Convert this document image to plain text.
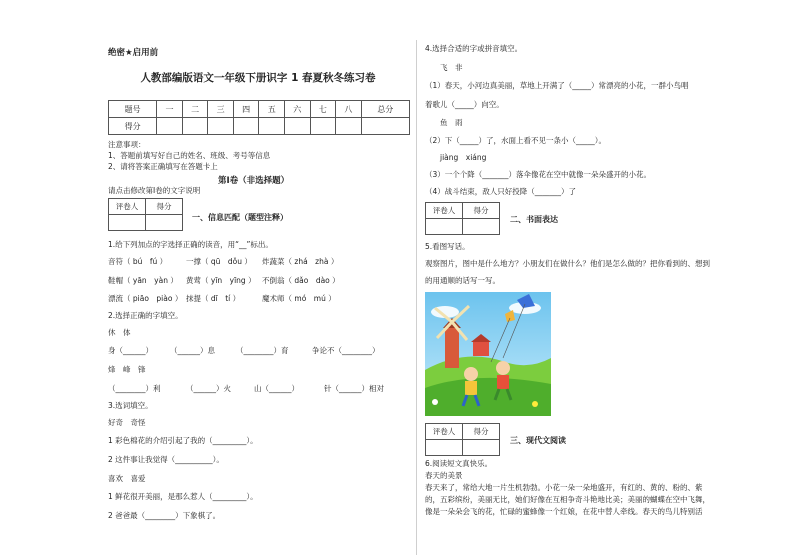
绝密★启用前
人教部编版语文一年级下册识字 1 春夏秋冬练习卷
题号	一	二	三	四	五	六	七	八	总分
得分									
注意事项：
1、答题前填写好自己的姓名、班级、考号等信息
2、请将答案正确填写在答题卡上
第Ⅰ卷（非选择题）
请点击修改第Ⅰ卷的文字说明
评卷人	得分

一、信息匹配（题型注释）
1.给下列加点的字选择正确的读音，用“__”标出。
音符（ bú　fú ）	一撑（ qū　dǒu ） 炸蔬菜（ zhá　zhà ）
鞋帽（ yān　yàn ） 黄莺（ yīn　yīng ） 不倒翁（ dǎo　dào ）
漂流（ piāo　piào ） 抹提（ dī　tí ）	魔术师（ mó　mú ）
2.选择正确的字填空。
休　体
身（______） （______）息	（________）育	争论不（________）
烽　峰　锋
（________）利	（______）火	山（______）	针（______）相对
3.选词填空。
好奇　奇怪
1 彩色棉花的介绍引起了我的（_________）。
2 这件事让我觉得（__________）。
喜欢　喜爱
1 鲜花很开美丽，是那么惹人（_________）。
2 爸爸最（________）下象棋了。
4.选择合适的字或拼音填空。
飞　非
（1）春天，小河边真美丽，草地上开满了（_____）常漂亮的小花，一群小鸟唱
着歌儿（_____）向空。
鱼　雨
（2）下（_____）了，水面上看不见一条小（_____）。
jiàng　xiáng
（3）一个个降（_______）落伞像花在空中就像一朵朵盛开的小花。
（4）战斗结束，敌人只好投降（_______）了
评卷人	得分

二、书面表达
5.看图写话。
观察图片，图中是什么地方？小朋友们在做什么？他们是怎么做的？把你看到的、想到
的用通顺的话写一写。
评卷人	得分

三、现代文阅读
6.阅读短文真快乐。
春天的美景
春天来了，常给大地一片生机勃勃。小花一朵一朵地盛开，有红的、黄的、粉的、紫
的，五彩缤纷，美丽无比，她们好像在互相争奇斗艳地比美；美丽的蝴蝶在空中飞舞，
像是一朵朵会飞的花，忙碌的蜜蜂像一个红娘，在花中替人牵线。春天的鸟儿特别活
